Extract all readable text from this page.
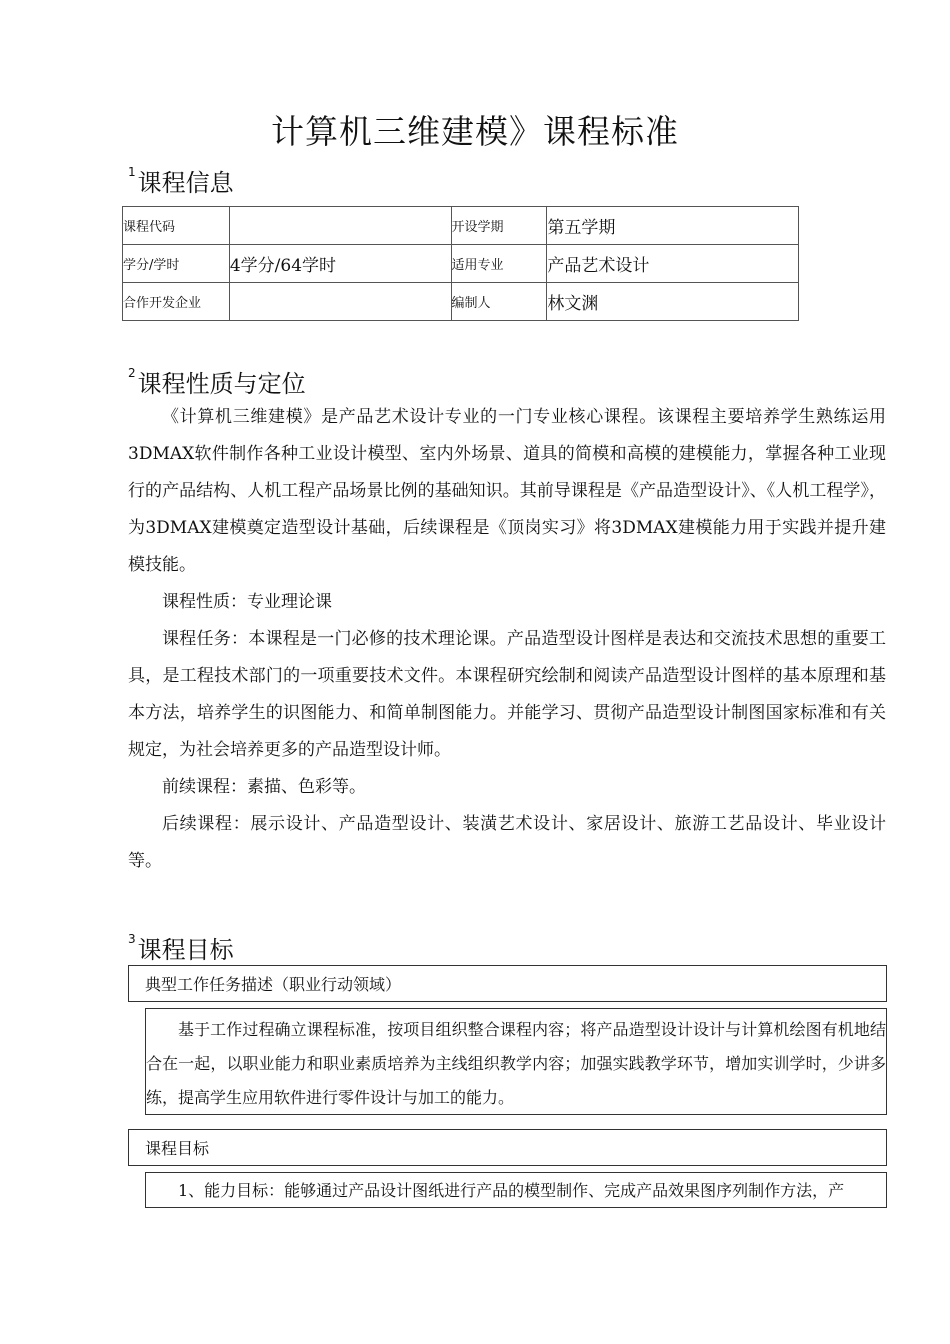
计算机三维建模》课程标准
$^1$课程信息
课程代码		开设学期	第五学期
学分/学时	4学分/64学时	适用专业	产品艺术设计
合作开发企业		编制人	林文渊
$^2$课程性质与定位

《计算机三维建模》是产品艺术设计专业的一门专业核心课程。该课程主要培养学生熟练运用3DMAX软件制作各种工业设计模型、室内外场景、道具的简模和高模的建模能力，掌握各种工业现行的产品结构、人机工程产品场景比例的基础知识。其前导课程是《产品造型设计》、《人机工程学》，为3DMAX建模奠定造型设计基础，后续课程是《顶岗实习》将3DMAX建模能力用于实践并提升建模技能。

课程性质：专业理论课

课程任务：本课程是一门必修的技术理论课。产品造型设计图样是表达和交流技术思想的重要工具，是工程技术部门的一项重要技术文件。本课程研究绘制和阅读产品造型设计图样的基本原理和基本方法，培养学生的识图能力、和简单制图能力。并能学习、贯彻产品造型设计制图国家标准和有关规定，为社会培养更多的产品造型设计师。

前续课程：素描、色彩等。

后续课程：展示设计、产品造型设计、装潢艺术设计、家居设计、旅游工艺品设计、毕业设计等。

$^3$课程目标
典型工作任务描述（职业行动领域）

基于工作过程确立课程标准，按项目组织整合课程内容；将产品造型设计设计与计算机绘图有机地结合在一起，以职业能力和职业素质培养为主线组织教学内容；加强实践教学环节，增加实训学时，少讲多练，提高学生应用软件进行零件设计与加工的能力。

课程目标

1、能力目标：能够通过产品设计图纸进行产品的模型制作、完成产品效果图序列制作方法，产
